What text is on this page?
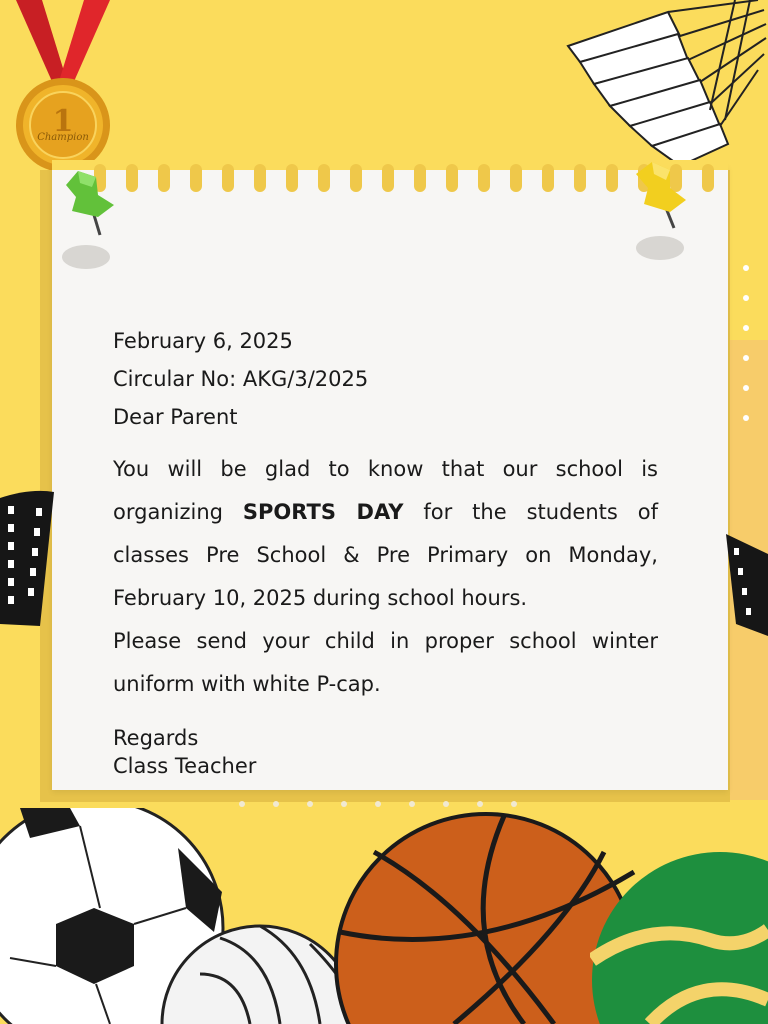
1
Champion

February 6, 2025

Circular No: AKG/3/2025

Dear Parent

You will be glad to know that our school is organizing SPORTS DAY for the students of classes Pre School & Pre Primary on Monday, February 10, 2025 during school hours.
Please send your child in proper school winter uniform with white P-cap.
Regards
Class Teacher
